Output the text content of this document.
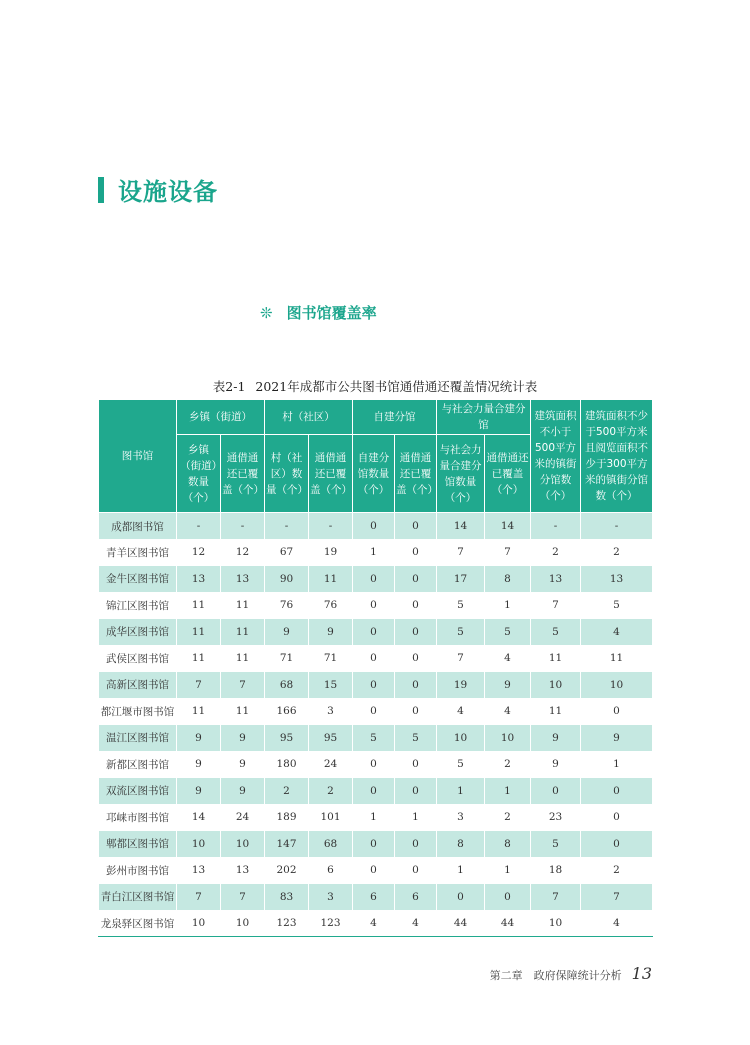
设施设备
❊ 图书馆覆盖率
表2-1 2021年成都市公共图书馆通借通还覆盖情况统计表
图书馆	乡镇（街道）		村（社区）		自建分馆		与社会力量合建分馆		建筑面积不小于500平方米的镇街分馆数（个）	建筑面积不少于500平方米且阅览面积不少于300平方米的镇街分馆数（个）
	乡镇（街道）数量（个）	通借通还已覆盖（个）	村（社区）数量（个）	通借通还已覆盖（个）	自建分馆数量（个）	通借通还已覆盖（个）	与社会力量合建分馆数量（个）	通借通还已覆盖（个）		
成都图书馆	-	-	-	-	0	0	14	14	-	-
青羊区图书馆	12	12	67	19	1	0	7	7	2	2
金牛区图书馆	13	13	90	11	0	0	17	8	13	13
锦江区图书馆	11	11	76	76	0	0	5	1	7	5
成华区图书馆	11	11	9	9	0	0	5	5	5	4
武侯区图书馆	11	11	71	71	0	0	7	4	11	11
高新区图书馆	7	7	68	15	0	0	19	9	10	10
都江堰市图书馆	11	11	166	3	0	0	4	4	11	0
温江区图书馆	9	9	95	95	5	5	10	10	9	9
新都区图书馆	9	9	180	24	0	0	5	2	9	1
双流区图书馆	9	9	2	2	0	0	1	1	0	0
邛崃市图书馆	14	24	189	101	1	1	3	2	23	0
郫都区图书馆	10	10	147	68	0	0	8	8	5	0
彭州市图书馆	13	13	202	6	0	0	1	1	18	2
青白江区图书馆	7	7	83	3	6	6	0	0	7	7
龙泉驿区图书馆	10	10	123	123	4	4	44	44	10	4
第二章　政府保障统计分析 13
